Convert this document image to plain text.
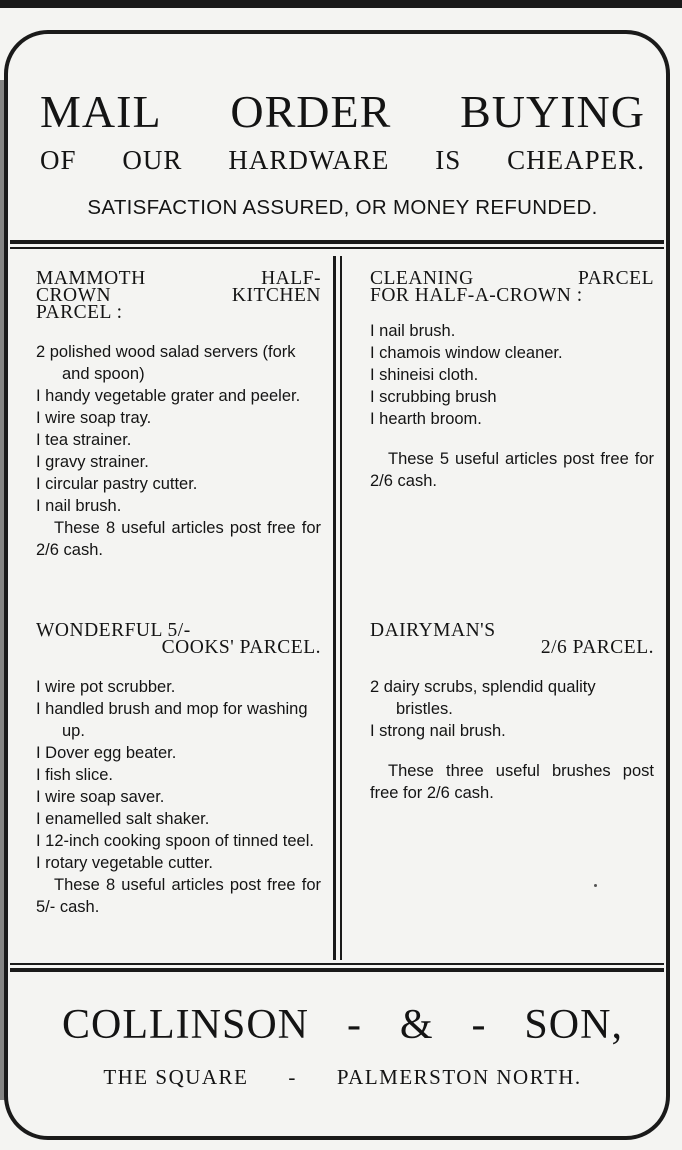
MAIL ORDER BUYING
OF OUR HARDWARE IS CHEAPER.
SATISFACTION ASSURED, OR MONEY REFUNDED.
MAMMOTH	HALF-
CROWN	KITCHEN
PARCEL :

2 polished wood salad servers (fork and spoon)

I handy vegetable grater and peeler.

I wire soap tray.

I tea strainer.

I gravy strainer.

I circular pastry cutter.

I nail brush.

These 8 useful articles post free for 2/6 cash.

CLEANING	PARCEL
FOR HALF-A-CROWN :

I nail brush.

I chamois window cleaner.

I shineisi cloth.

I scrubbing brush

I hearth broom.

These 5 useful articles post free for 2/6 cash.

WONDERFUL 5/-
COOKS' PARCEL.

I wire pot scrubber.

I handled brush and mop for washing up.

I Dover egg beater.

I fish slice.

I wire soap saver.

I enamelled salt shaker.

I 12-inch cooking spoon of tinned teel.

I rotary vegetable cutter.

These 8 useful articles post free for 5/- cash.

DAIRYMAN'S
2/6 PARCEL.

2 dairy scrubs, splendid quality bristles.

I strong nail brush.

These three useful brushes post free for 2/6 cash.

COLLINSON - & - SON,
THE SQUARE - PALMERSTON NORTH.
